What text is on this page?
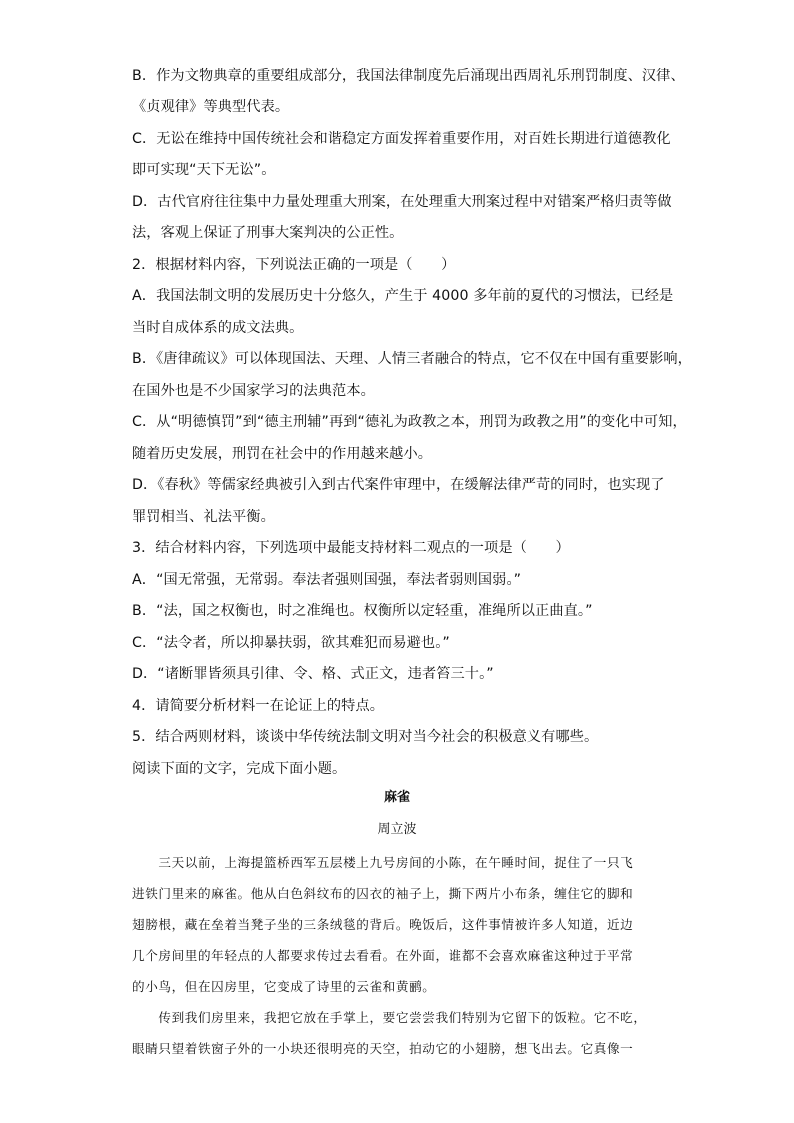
B．作为文物典章的重要组成部分，我国法律制度先后涌现出西周礼乐刑罚制度、汉律、
《贞观律》等典型代表。
C．无讼在维持中国传统社会和谐稳定方面发挥着重要作用，对百姓长期进行道德教化
即可实现“天下无讼”。
D．古代官府往往集中力量处理重大刑案，在处理重大刑案过程中对错案严格归责等做
法，客观上保证了刑事大案判决的公正性。
2．根据材料内容，下列说法正确的一项是（　　）
A．我国法制文明的发展历史十分悠久，产生于 4000 多年前的夏代的习惯法，已经是
当时自成体系的成文法典。
B．《唐律疏议》可以体现国法、天理、人情三者融合的特点，它不仅在中国有重要影响，
在国外也是不少国家学习的法典范本。
C．从“明德慎罚”到“德主刑辅”再到“德礼为政教之本，刑罚为政教之用”的变化中可知，
随着历史发展，刑罚在社会中的作用越来越小。
D．《春秋》等儒家经典被引入到古代案件审理中，在缓解法律严苛的同时，也实现了
罪罚相当、礼法平衡。
3．结合材料内容，下列选项中最能支持材料二观点的一项是（　　）
A．“国无常强，无常弱。奉法者强则国强，奉法者弱则国弱。”
B．“法，国之权衡也，时之准绳也。权衡所以定轻重，准绳所以正曲直。”
C．“法令者，所以抑暴扶弱，欲其难犯而易避也。”
D．“诸断罪皆须具引律、令、格、式正文，违者笞三十。”
4．请简要分析材料一在论证上的特点。
5．结合两则材料，谈谈中华传统法制文明对当今社会的积极意义有哪些。
阅读下面的文字，完成下面小题。
麻雀
周立波
　　三天以前，上海提篮桥西军五层楼上九号房间的小陈，在午睡时间，捉住了一只飞
进铁门里来的麻雀。他从白色斜纹布的囚衣的袖子上，撕下两片小布条，缠住它的脚和
翅膀根，藏在垒着当凳子坐的三条绒毯的背后。晚饭后，这件事情被许多人知道，近边
几个房间里的年轻点的人都要求传过去看看。在外面，谁都不会喜欢麻雀这种过于平常
的小鸟，但在囚房里，它变成了诗里的云雀和黄鹂。
　　传到我们房里来，我把它放在手掌上，要它尝尝我们特别为它留下的饭粒。它不吃，
眼睛只望着铁窗子外的一小块还很明亮的天空，拍动它的小翅膀，想飞出去。它真像一
